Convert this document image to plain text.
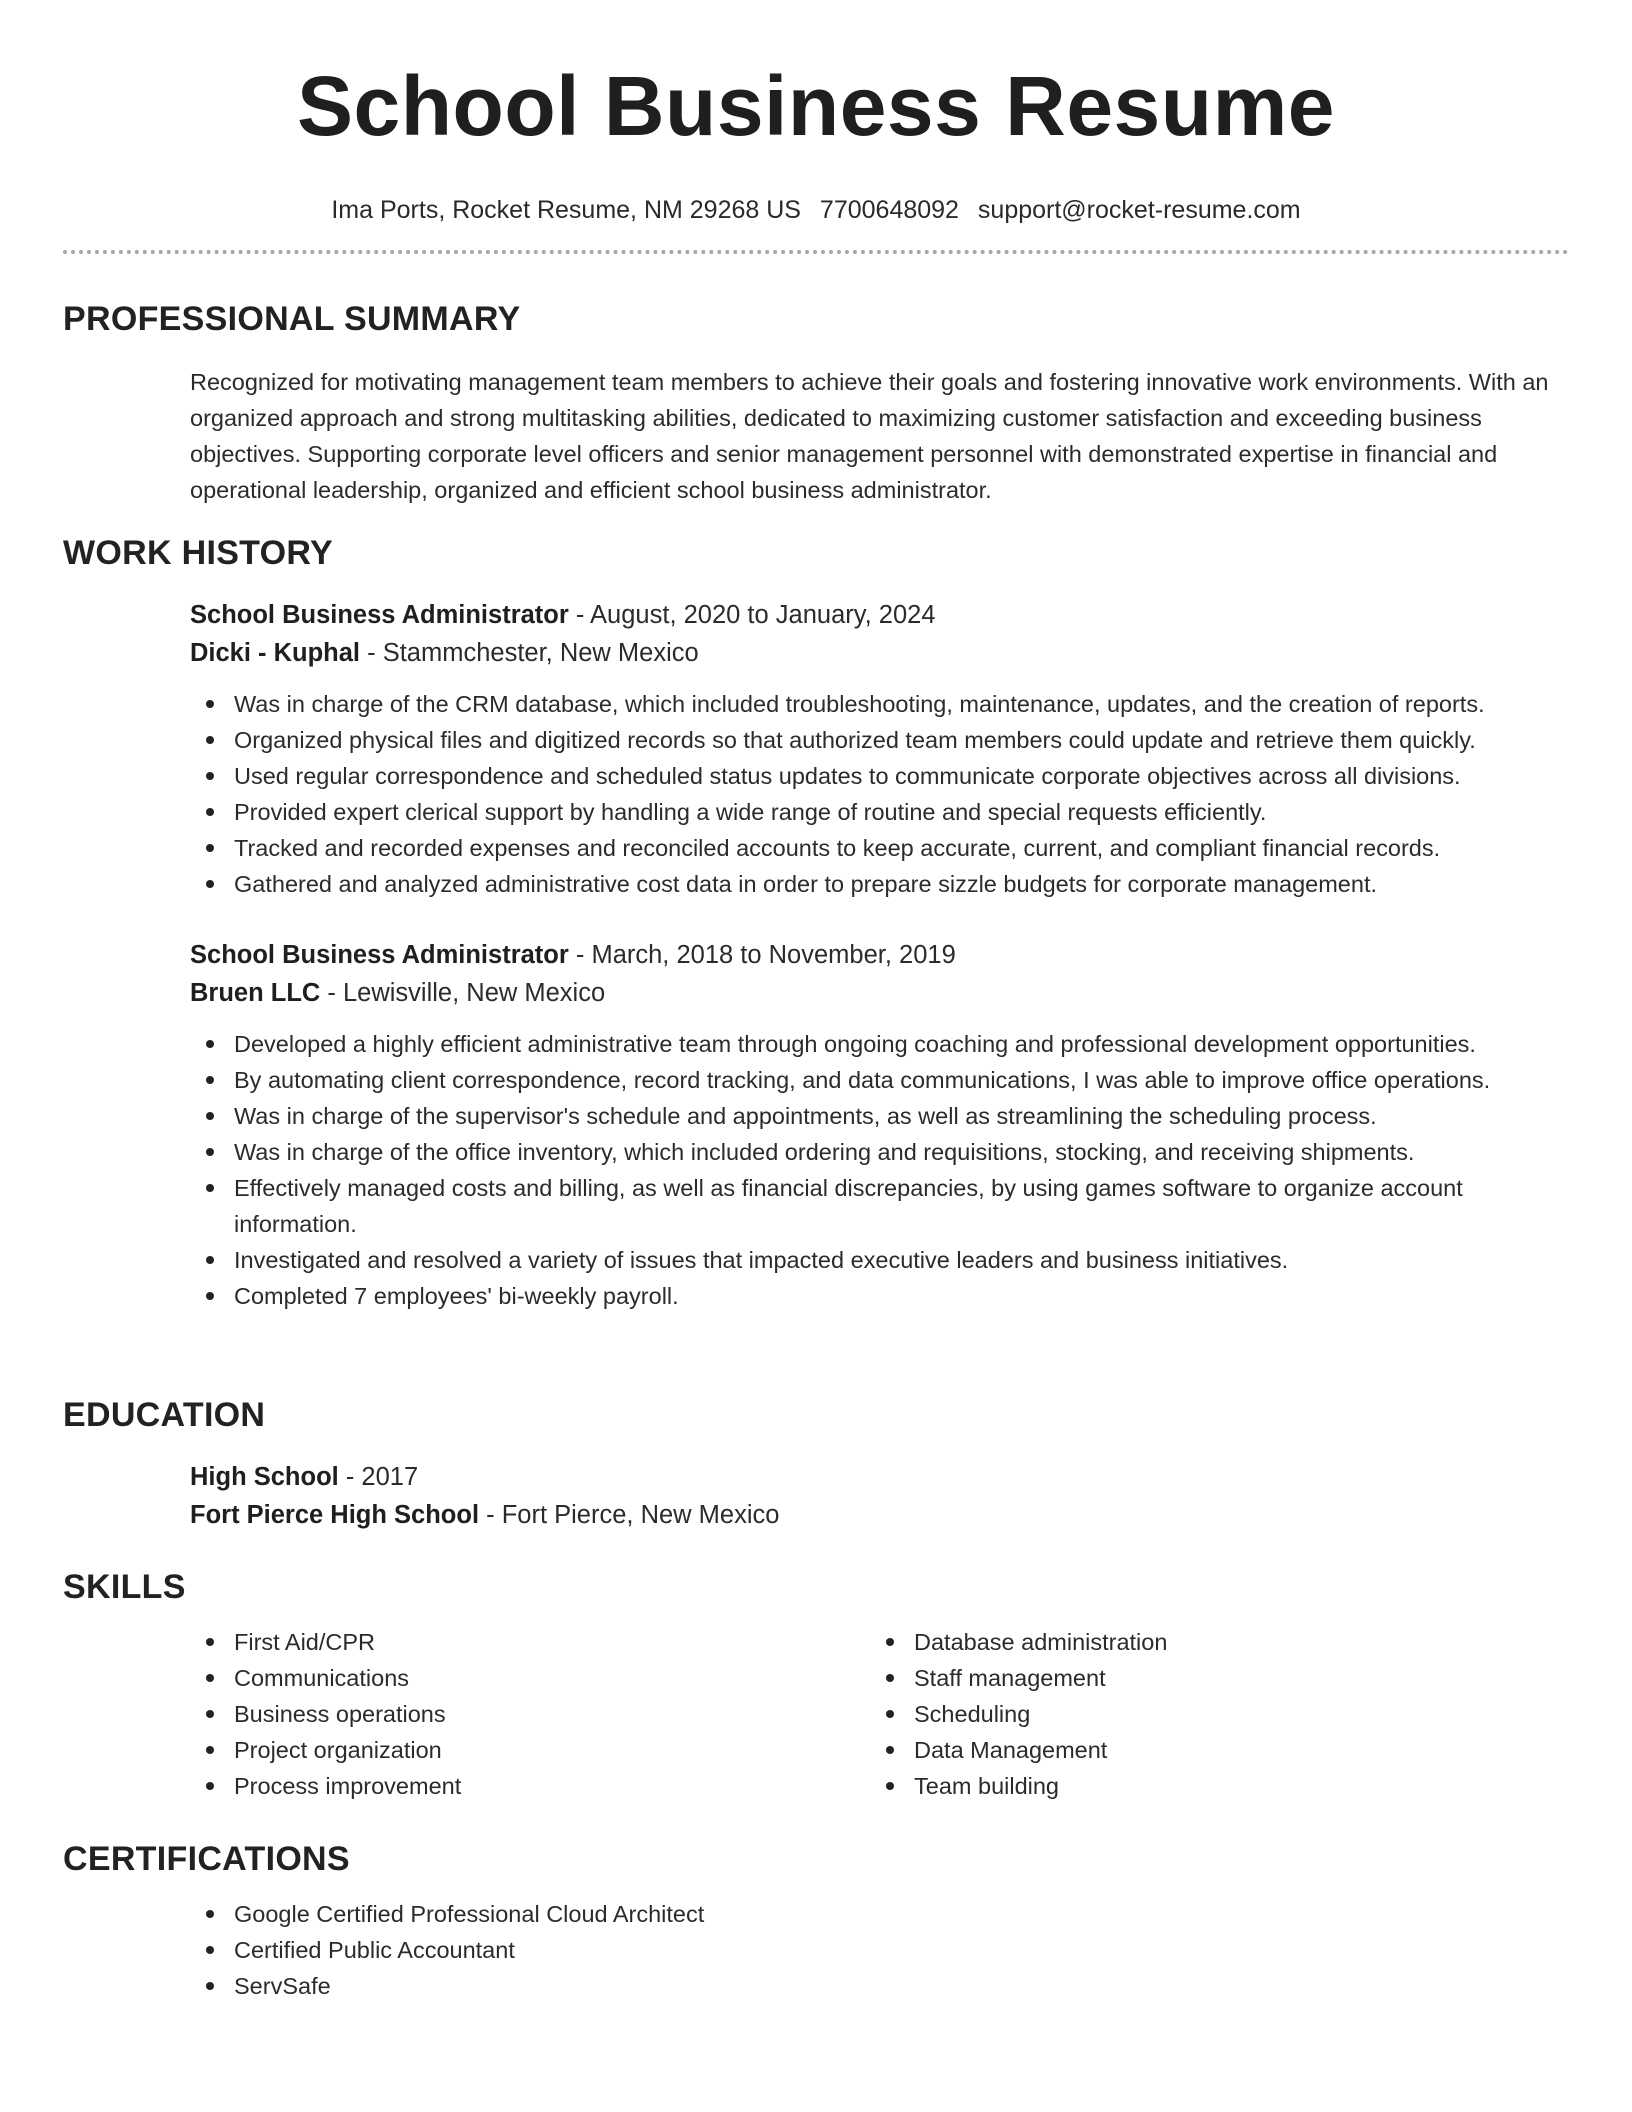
School Business Resume
Ima Ports, Rocket Resume, NM 29268 US 7700648092 support@rocket-resume.com
PROFESSIONAL SUMMARY

Recognized for motivating management team members to achieve their goals and fostering innovative work environments. With an organized approach and strong multitasking abilities, dedicated to maximizing customer satisfaction and exceeding business objectives. Supporting corporate level officers and senior management personnel with demonstrated expertise in financial and operational leadership, organized and efficient school business administrator.

WORK HISTORY
School Business Administrator - August, 2020 to January, 2024
Dicki - Kuphal - Stammchester, New Mexico
Was in charge of the CRM database, which included troubleshooting, maintenance, updates, and the creation of reports.
Organized physical files and digitized records so that authorized team members could update and retrieve them quickly.
Used regular correspondence and scheduled status updates to communicate corporate objectives across all divisions.
Provided expert clerical support by handling a wide range of routine and special requests efficiently.
Tracked and recorded expenses and reconciled accounts to keep accurate, current, and compliant financial records.
Gathered and analyzed administrative cost data in order to prepare sizzle budgets for corporate management.
School Business Administrator - March, 2018 to November, 2019
Bruen LLC - Lewisville, New Mexico
Developed a highly efficient administrative team through ongoing coaching and professional development opportunities.
By automating client correspondence, record tracking, and data communications, I was able to improve office operations.
Was in charge of the supervisor's schedule and appointments, as well as streamlining the scheduling process.
Was in charge of the office inventory, which included ordering and requisitions, stocking, and receiving shipments.
Effectively managed costs and billing, as well as financial discrepancies, by using games software to organize account information.
Investigated and resolved a variety of issues that impacted executive leaders and business initiatives.
Completed 7 employees' bi-weekly payroll.
EDUCATION
High School - 2017
Fort Pierce High School - Fort Pierce, New Mexico
SKILLS
First Aid/CPR
Communications
Business operations
Project organization
Process improvement
Database administration
Staff management
Scheduling
Data Management
Team building
CERTIFICATIONS
Google Certified Professional Cloud Architect
Certified Public Accountant
ServSafe
